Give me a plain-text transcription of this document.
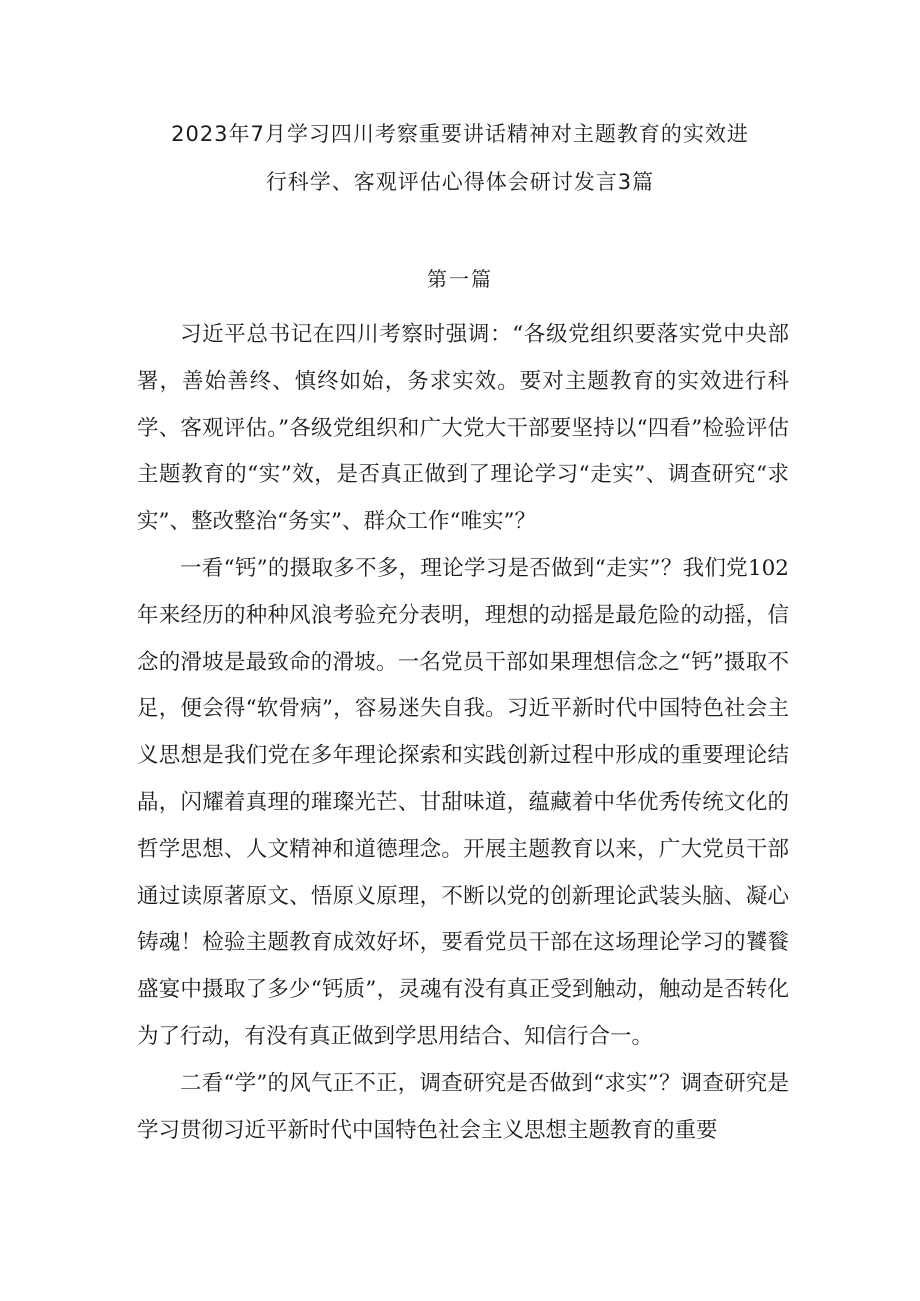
2023年7月学习四川考察重要讲话精神对主题教育的实效进
行科学、客观评估心得体会研讨发言3篇
第一篇

习近平总书记在四川考察时强调：“各级党组织要落实党中央部署，善始善终、慎终如始，务求实效。要对主题教育的实效进行科学、客观评估。”各级党组织和广大党大干部要坚持以“四看”检验评估主题教育的“实”效，是否真正做到了理论学习“走实”、调查研究“求实”、整改整治“务实”、群众工作“唯实”？

一看“钙”的摄取多不多，理论学习是否做到“走实”？我们党102年来经历的种种风浪考验充分表明，理想的动摇是最危险的动摇，信念的滑坡是最致命的滑坡。一名党员干部如果理想信念之“钙”摄取不足，便会得“软骨病”，容易迷失自我。习近平新时代中国特色社会主义思想是我们党在多年理论探索和实践创新过程中形成的重要理论结晶，闪耀着真理的璀璨光芒、甘甜味道，蕴藏着中华优秀传统文化的哲学思想、人文精神和道德理念。开展主题教育以来，广大党员干部通过读原著原文、悟原义原理，不断以党的创新理论武装头脑、凝心铸魂！检验主题教育成效好坏，要看党员干部在这场理论学习的饕餮盛宴中摄取了多少“钙质”，灵魂有没有真正受到触动，触动是否转化为了行动，有没有真正做到学思用结合、知信行合一。

二看“学”的风气正不正，调查研究是否做到“求实”？调查研究是学习贯彻习近平新时代中国特色社会主义思想主题教育的重要
